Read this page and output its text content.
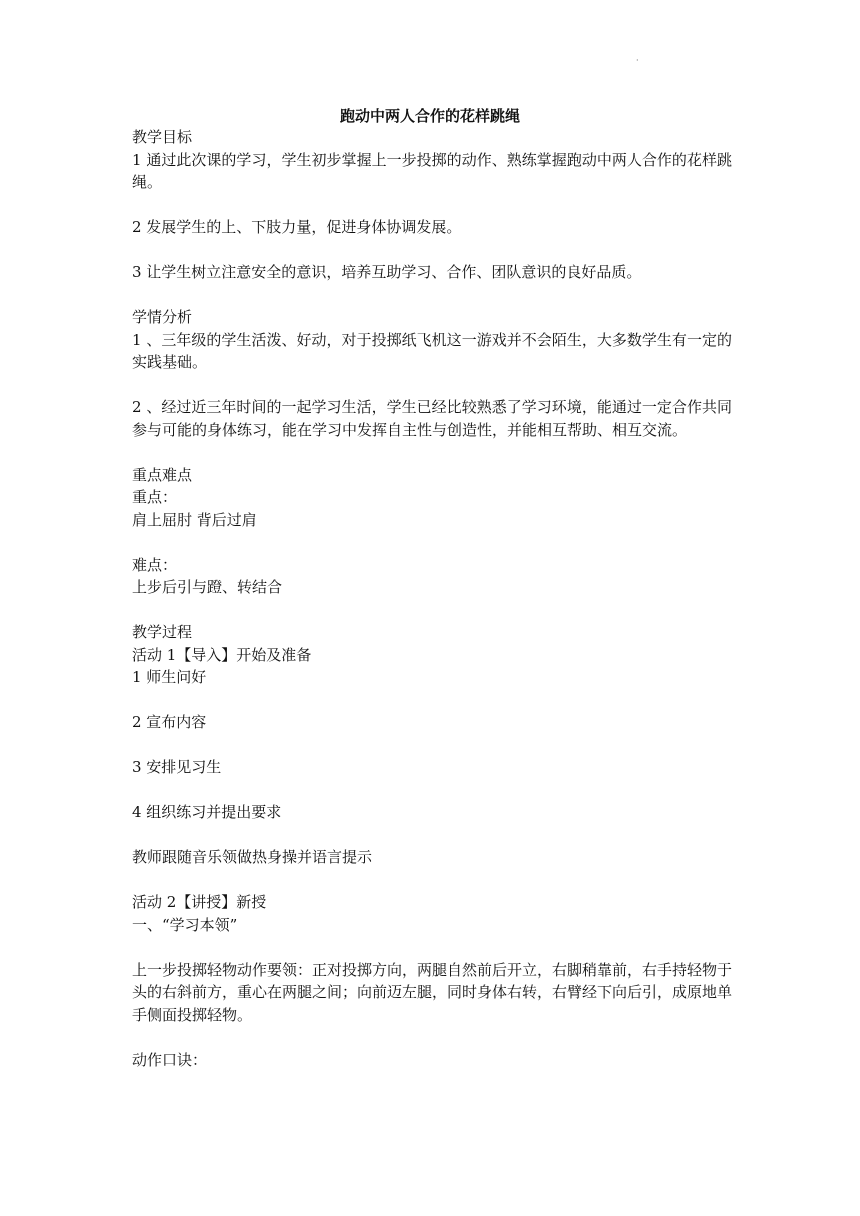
·
跑动中两人合作的花样跳绳

教学目标

1 通过此次课的学习，学生初步掌握上一步投掷的动作、熟练掌握跑动中两人合作的花样跳绳。

2 发展学生的上、下肢力量，促进身体协调发展。

3 让学生树立注意安全的意识，培养互助学习、合作、团队意识的良好品质。

学情分析

1 、三年级的学生活泼、好动，对于投掷纸飞机这一游戏并不会陌生，大多数学生有一定的实践基础。

2 、经过近三年时间的一起学习生活，学生已经比较熟悉了学习环境，能通过一定合作共同参与可能的身体练习，能在学习中发挥自主性与创造性，并能相互帮助、相互交流。

重点难点

重点：

肩上屈肘 背后过肩

难点：

上步后引与蹬、转结合

教学过程

活动 1【导入】开始及准备

1 师生问好

2 宣布内容

3 安排见习生

4 组织练习并提出要求

教师跟随音乐领做热身操并语言提示

活动 2【讲授】新授

一、“学习本领”

上一步投掷轻物动作要领：正对投掷方向，两腿自然前后开立，右脚稍靠前，右手持轻物于头的右斜前方，重心在两腿之间；向前迈左腿，同时身体右转，右臂经下向后引，成原地单手侧面投掷轻物。

动作口诀：
